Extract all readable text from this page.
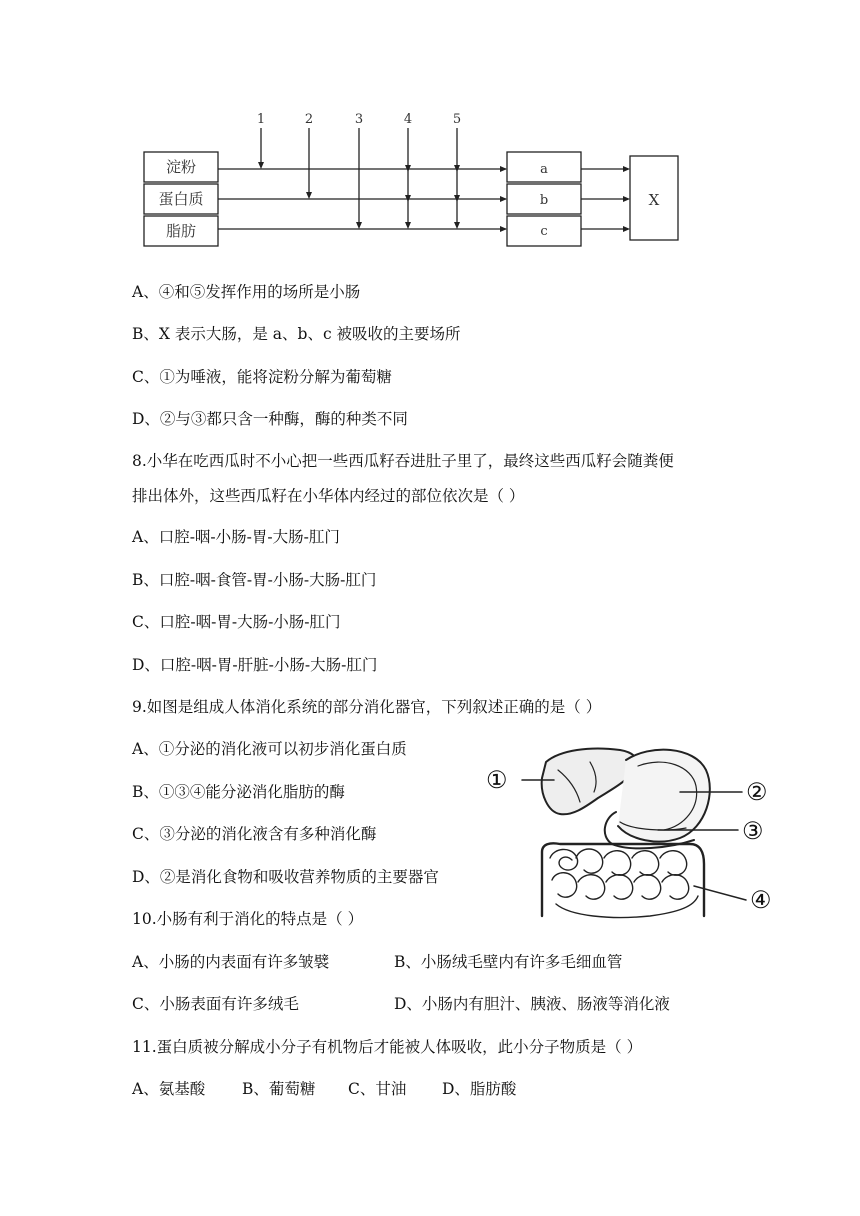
淀粉
蛋白质
脂肪
1	2	3	4	5
a
b
c
X
A、④和⑤发挥作用的场所是小肠
B、X 表示大肠，是 a、b、c 被吸收的主要场所
C、①为唾液，能将淀粉分解为葡萄糖
D、②与③都只含一种酶，酶的种类不同
8.小华在吃西瓜时不小心把一些西瓜籽吞进肚子里了，最终这些西瓜籽会随粪便
排出体外，这些西瓜籽在小华体内经过的部位依次是（ ）
A、口腔-咽-小肠-胃-大肠-肛门
B、口腔-咽-食管-胃-小肠-大肠-肛门
C、口腔-咽-胃-大肠-小肠-肛门
D、口腔-咽-胃-肝脏-小肠-大肠-肛门
9.如图是组成人体消化系统的部分消化器官，下列叙述正确的是（ ）
A、①分泌的消化液可以初步消化蛋白质
B、①③④能分泌消化脂肪的酶
C、③分泌的消化液含有多种消化酶
D、②是消化食物和吸收营养物质的主要器官
①	②
③
④
10.小肠有利于消化的特点是（ ）
A、小肠的内表面有许多皱襞	B、小肠绒毛壁内有许多毛细血管
C、小肠表面有许多绒毛	D、小肠内有胆汁、胰液、肠液等消化液
11.蛋白质被分解成小分子有机物后才能被人体吸收，此小分子物质是（ ）
A、氨基酸 B、葡萄糖 C、甘油 D、脂肪酸
